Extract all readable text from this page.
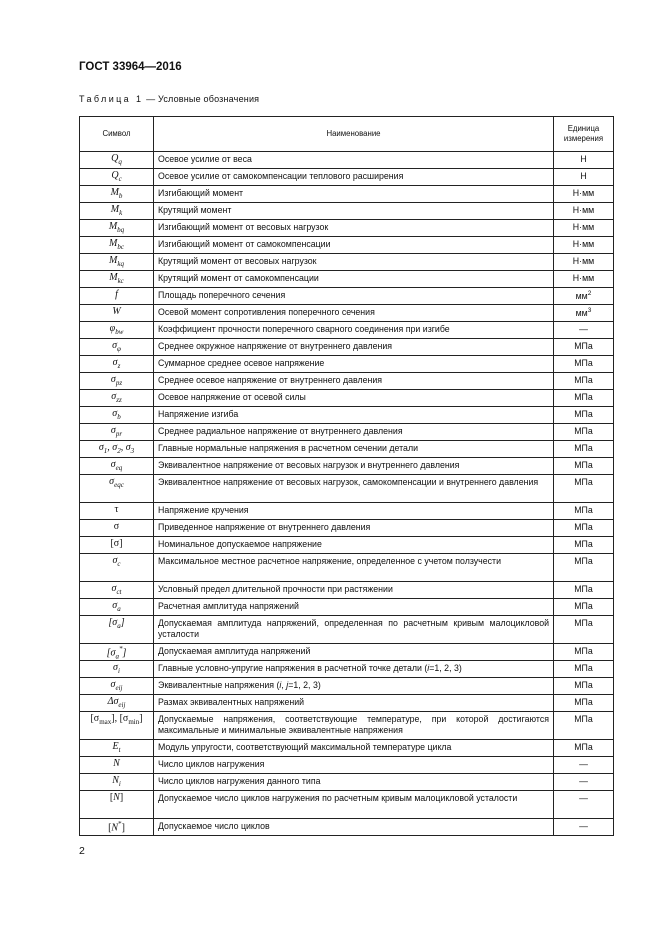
ГОСТ 33964—2016
Таблица 1 — Условные обозначения
Символ	Наименование	Единица измерения
$Q_q$	Осевое усилие от веса	Н
$Q_c$	Осевое усилие от самокомпенсации теплового расширения	Н
$M_b$	Изгибающий момент	Н·мм
$M_k$	Крутящий момент	Н·мм
$M_{bq}$	Изгибающий момент от весовых нагрузок	Н·мм
$M_{bc}$	Изгибающий момент от самокомпенсации	Н·мм
$M_{kq}$	Крутящий момент от весовых нагрузок	Н·мм
$M_{kc}$	Крутящий момент от самокомпенсации	Н·мм
f	Площадь поперечного сечения	$мм^2$
W	Осевой момент сопротивления поперечного сечения	$мм^3$
$\varphi_{bw}$	Коэффициент прочности поперечного сварного соединения при изгибе	—
$\sigma_\varphi$	Среднее окружное напряжение от внутреннего давления	МПа
$\sigma_z$	Суммарное среднее осевое напряжение	МПа
$\sigma_{pz}$	Среднее осевое напряжение от внутреннего давления	МПа
$\sigma_{zz}$	Осевое напряжение от осевой силы	МПа
$\sigma_b$	Напряжение изгиба	МПа
$\sigma_{pr}$	Среднее радиальное напряжение от внутреннего давления	МПа
$\sigma_1$, $\sigma_2$, $\sigma_3$	Главные нормальные напряжения в расчетном сечении детали	МПа
$\sigma_{eq}$	Эквивалентное напряжение от весовых нагрузок и внутреннего давления	МПа
$\sigma_{eqc}$	Эквивалентное напряжение от весовых нагрузок, самокомпенсации и внутреннего давления	МПа
τ	Напряжение кручения	МПа
σ	Приведенное напряжение от внутреннего давления	МПа
[σ]	Номинальное допускаемое напряжение	МПа
$\sigma_c$	Максимальное местное расчетное напряжение, определенное с учетом ползучести	МПа
$\sigma_{ct}$	Условный предел длительной прочности при растяжении	МПа
$\sigma_a$	Расчетная амплитуда напряжений	МПа
$[\sigma_a]$	Допускаемая амплитуда напряжений, определенная по расчетным кривым малоцикловой усталости	МПа
$[\sigma_a^*]$	Допускаемая амплитуда напряжений	МПа
$\sigma_i$	Главные условно-упругие напряжения в расчетной точке детали (i=1, 2, 3)	МПа
$\sigma_{eij}$	Эквивалентные напряжения (i, j=1, 2, 3)	МПа
$\Delta\sigma_{eij}$	Размах эквивалентных напряжений	МПа
$[\sigma_{max}]$, $[\sigma_{min}]$	Допускаемые напряжения, соответствующие температуре, при которой достигаются максимальные и минимальные эквивалентные напряжения	МПа
$E_t$	Модуль упругости, соответствующий максимальной температуре цикла	МПа
N	Число циклов нагружения	—
$N_i$	Число циклов нагружения данного типа	—
[N]	Допускаемое число циклов нагружения по расчетным кривым малоцикловой усталости	—
[N*]	Допускаемое число циклов	—
2
